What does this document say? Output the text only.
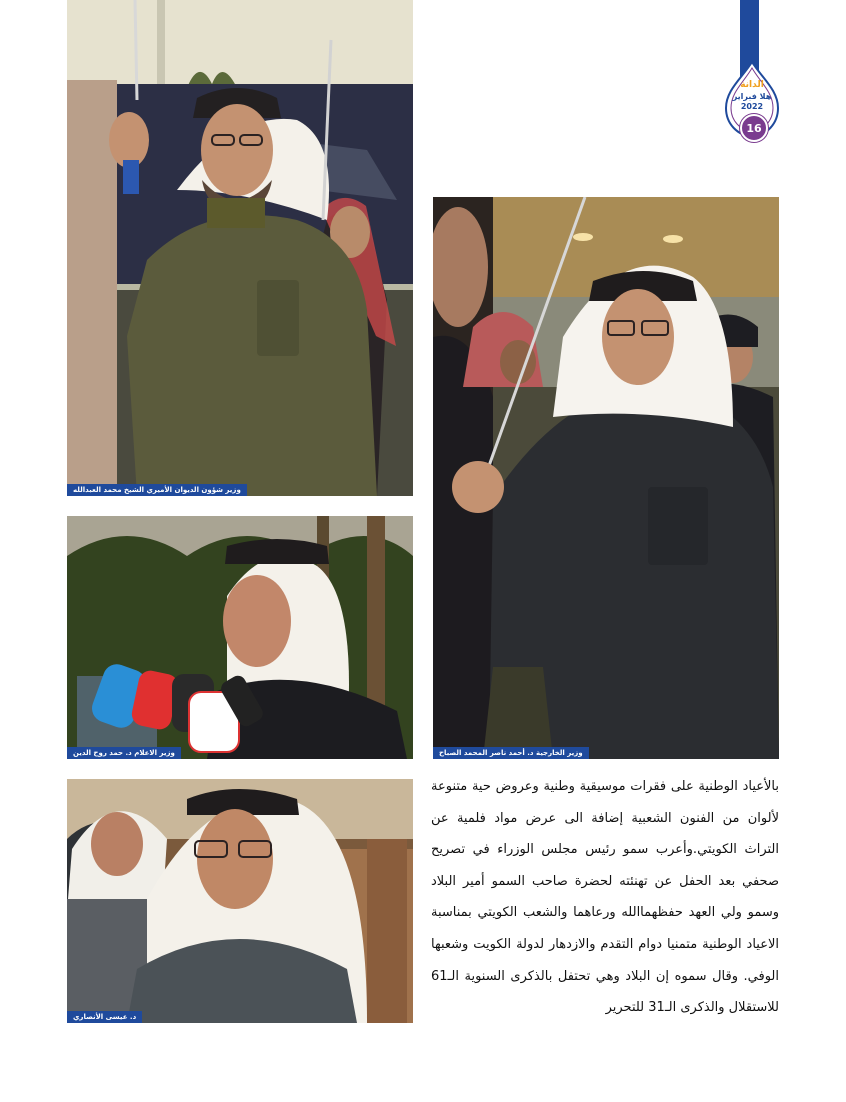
الدانة
هلا فبراير
2022
16
وزير شؤون الديوان الأميري الشيخ محمد العبدالله
وزير الخارجية د. أحمد ناصر المحمد الصباح
وزير الاعلام د. حمد روح الدين
د. عيسى الأنصاري
بالأعياد الوطنية على فقرات موسيقية وطنية وعروض حية متنوعة لألوان من الفنون الشعبية إضافة الى عرض مواد فلمية عن التراث الكويتي.وأعرب سمو رئيس مجلس الوزراء في تصريح صحفي بعد الحفل عن تهنئته لحضرة صاحب السمو أمير البلاد وسمو ولي العهد حفظهماالله ورعاهما والشعب الكويتي بمناسبة الاعياد الوطنية متمنيا دوام التقدم والازدهار لدولة الكويت وشعبها الوفي. وقال سموه إن البلاد وهي تحتفل بالذكرى السنوية الـ61 للاستقلال والذكرى الـ31 للتحرير
